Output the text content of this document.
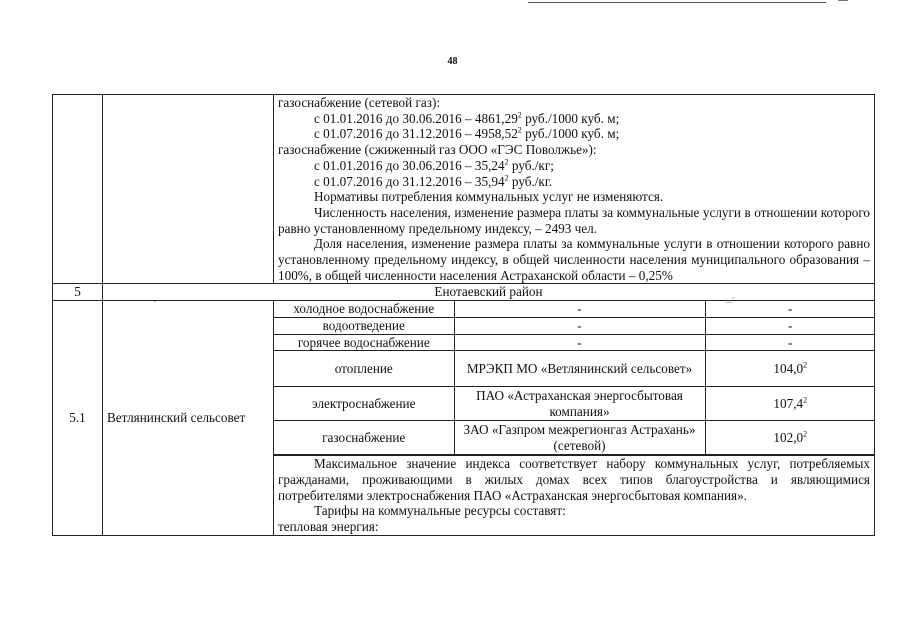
48
·	–´

газоснабжение (сетевой газ):
с 01.01.2016 до 30.06.2016 – 4861,29$^2$ руб./1000 куб. м;
с 01.07.2016 до 31.12.2016 – 4958,52$^2$ руб./1000 куб. м;
газоснабжение (сжиженный газ ООО «ГЭС Поволжье»):
с 01.01.2016 до 30.06.2016 – 35,24$^2$ руб./кг;
с 01.07.2016 до 31.12.2016 – 35,94$^2$ руб./кг.
Нормативы потребления коммунальных услуг не изменяются.
Численность населения, изменение размера платы за коммунальные услуги в отношении которого равно установленному предельному индексу, – 2493 чел.
Доля населения, изменение размера платы за коммунальные услуги в отношении которого равно установленному предельному индексу, в общей численности населения муниципального образования – 100%, в общей численности населения Астраханской области – 0,25%

5	Енотаевский район
5.1	Ветлянинский сельсовет	
холодное водоснабжение	-	-
водоотведение	-	-
горячее водоснабжение	-	-
отопление	МРЭКП МО «Ветлянинский сельсовет»	104,0$^2$
электроснабжение	ПАО «Астраханская энергосбытовая компания»	107,4$^2$
газоснабжение	ЗАО «Газпром межрегионгаз Астрахань» (сетевой)	102,0$^2$

Максимальное значение индекса соответствует набору коммунальных услуг, потребляемых гражданами, проживающими в жилых домах всех типов благоустройства и являющимися потребителями электроснабжения ПАО «Астраханская энергосбытовая компания».
Тарифы на коммунальные ресурсы составят:
тепловая энергия:
